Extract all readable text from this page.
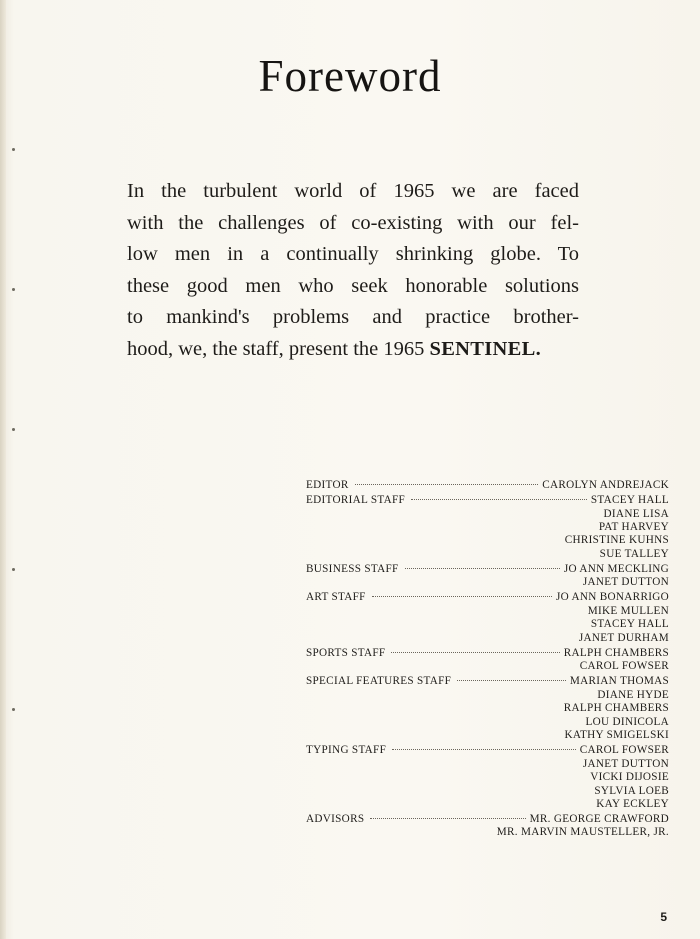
Foreword
In the turbulent world of 1965 we are faced
with the challenges of co-existing with our fel-
low men in a continually shrinking globe. To
these good men who seek honorable solutions
to mankind's problems and practice brother-
hood, we, the staff, present the 1965 SENTINEL.
EDITOR	CAROLYN ANDREJACK
EDITORIAL STAFF	STACEY HALL
DIANE LISA
PAT HARVEY
CHRISTINE KUHNS
SUE TALLEY
BUSINESS STAFF	JO ANN MECKLING
JANET DUTTON
ART STAFF	JO ANN BONARRIGO
MIKE MULLEN
STACEY HALL
JANET DURHAM
SPORTS STAFF	RALPH CHAMBERS
CAROL FOWSER
SPECIAL FEATURES STAFF	MARIAN THOMAS
DIANE HYDE
RALPH CHAMBERS
LOU DINICOLA
KATHY SMIGELSKI
TYPING STAFF	CAROL FOWSER
JANET DUTTON
VICKI DIJOSIE
SYLVIA LOEB
KAY ECKLEY
ADVISORS	MR. GEORGE CRAWFORD
MR. MARVIN MAUSTELLER, JR.
5
